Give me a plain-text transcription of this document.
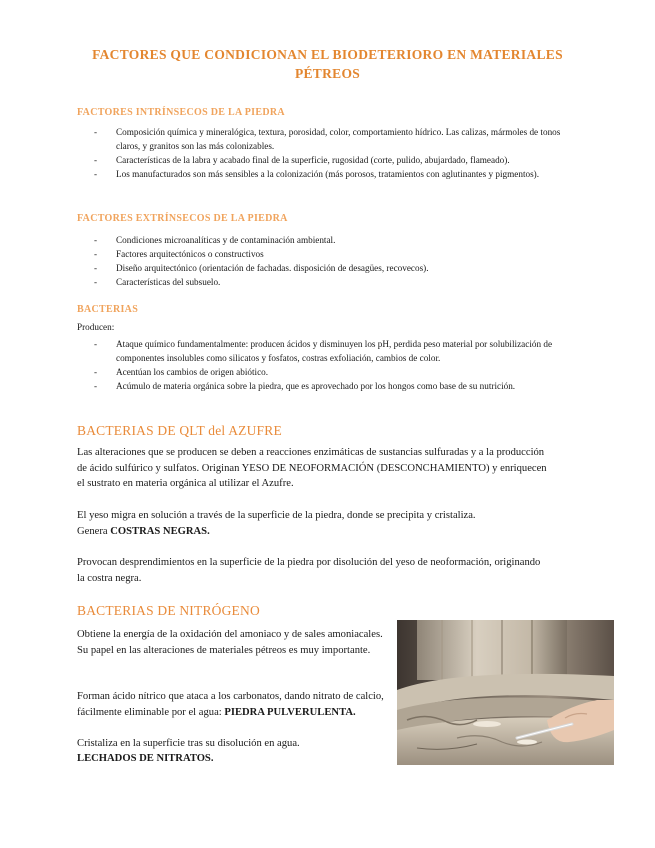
FACTORES QUE CONDICIONAN EL BIODETERIORO EN MATERIALES PÉTREOS
FACTORES INTRÍNSECOS DE LA PIEDRA
- Composición química y mineralógica, textura, porosidad, color, comportamiento hídrico. Las calizas, mármoles de tonos claros, y granitos son las más colonizables.
- Características de la labra y acabado final de la superficie, rugosidad (corte, pulido, abujardado, flameado).
- Los manufacturados son más sensibles a la colonización (más porosos, tratamientos con aglutinantes y pigmentos).
FACTORES EXTRÍNSECOS DE LA PIEDRA
- Condiciones microanalíticas y de contaminación ambiental.
- Factores arquitectónicos o constructivos
- Diseño arquitectónico (orientación de fachadas. disposición de desagües, recovecos).
- Características del subsuelo.
BACTERIAS
Producen:
- Ataque químico fundamentalmente: producen ácidos y disminuyen los pH, perdida peso material por solubilización de componentes insolubles como silicatos y fosfatos, costras exfoliación, cambios de color.
- Acentúan los cambios de origen abiótico.
- Acúmulo de materia orgánica sobre la piedra, que es aprovechado por los hongos como base de su nutrición.
BACTERIAS DE QLT del AZUFRE
Las alteraciones que se producen se deben a reacciones enzimáticas de sustancias sulfuradas y a la producción de ácido sulfúrico y sulfatos. Originan YESO DE NEOFORMACIÓN (DESCONCHAMIENTO) y enriquecen el sustrato en materia orgánica al utilizar el Azufre.
El yeso migra en solución a través de la superficie de la piedra, donde se precipita y cristaliza.
Genera COSTRAS NEGRAS.
Provocan desprendimientos en la superficie de la piedra por disolución del yeso de neoformación, originando la costra negra.
BACTERIAS DE NITRÓGENO
Obtiene la energía de la oxidación del amoniaco y de sales amoniacales. Su papel en las alteraciones de materiales pétreos es muy importante.
Forman ácido nítrico que ataca a los carbonatos, dando nitrato de calcio, fácilmente eliminable por el agua: PIEDRA PULVERULENTA.
Cristaliza en la superficie tras su disolución en agua.
LECHADOS DE NITRATOS.
